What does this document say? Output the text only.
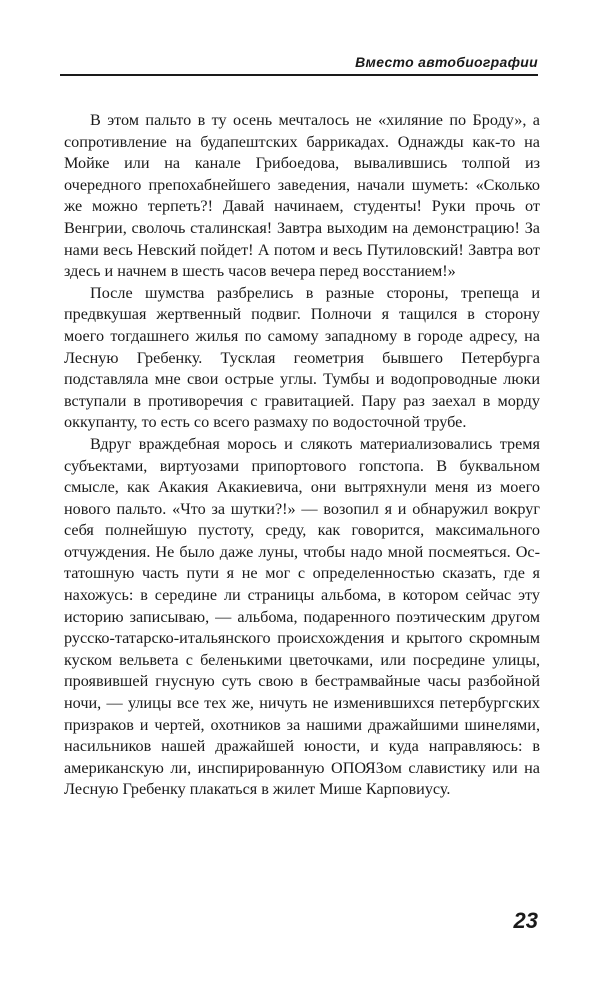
Вместо автобиографии

В этом пальто в ту осень мечталось не «хиляние по Броду», а сопротивление на будапештских баррикадах. Однажды как-то на Мойке или на канале Грибоедова, вывалившись толпой из очередного препохабнейшего заведения, начали шуметь: «Сколько же можно терпеть?! Давай начинаем, студенты! Руки прочь от Венгрии, сволочь сталинская! Завтра выходим на демонстрацию! За нами весь Невский пойдет! А потом и весь Путиловский! Завтра вот здесь и начнем в шесть часов вечера перед восстанием!»

После шумства разбрелись в разные стороны, трепеща и предвкушая жертвенный подвиг. Полночи я тащился в сторону моего тогдашнего жилья по самому западному в городе адресу, на Лесную Гребенку. Тусклая геометрия бывшего Петербурга подставляла мне свои острые углы. Тумбы и водопроводные люки вступали в противоречия с гравитацией. Пару раз заехал в морду оккупанту, то есть со всего размаху по водосточной трубе.

Вдруг враждебная морось и слякоть материализовались тремя субъектами, виртуозами припортового гопстопа. В буквальном смысле, как Акакия Акакиевича, они вытряхнули меня из моего нового пальто. «Что за шутки?!» — возопил я и обнаружил вокруг себя полнейшую пустоту, среду, как говорится, максимального отчуждения. Не было даже луны, чтобы надо мной посмеяться. Остатошную часть пути я не мог с определенностью сказать, где я нахожусь: в середине ли страницы альбома, в котором сейчас эту историю записываю, — альбома, подаренного поэтическим другом русско-татарско-итальянского происхождения и крытого скромным куском вельвета с беленькими цветочками, или посредине улицы, проявившей гнусную суть свою в бестрамвайные часы разбойной ночи, — улицы все тех же, ничуть не изменившихся петербургских призраков и чертей, охотников за нашими дражайшими шинелями, насильников нашей дражайшей юности, и куда направляюсь: в американскую ли, инспирированную ОПОЯЗом славистику или на Лесную Гребенку плакаться в жилет Мише Карповиусу.

23
